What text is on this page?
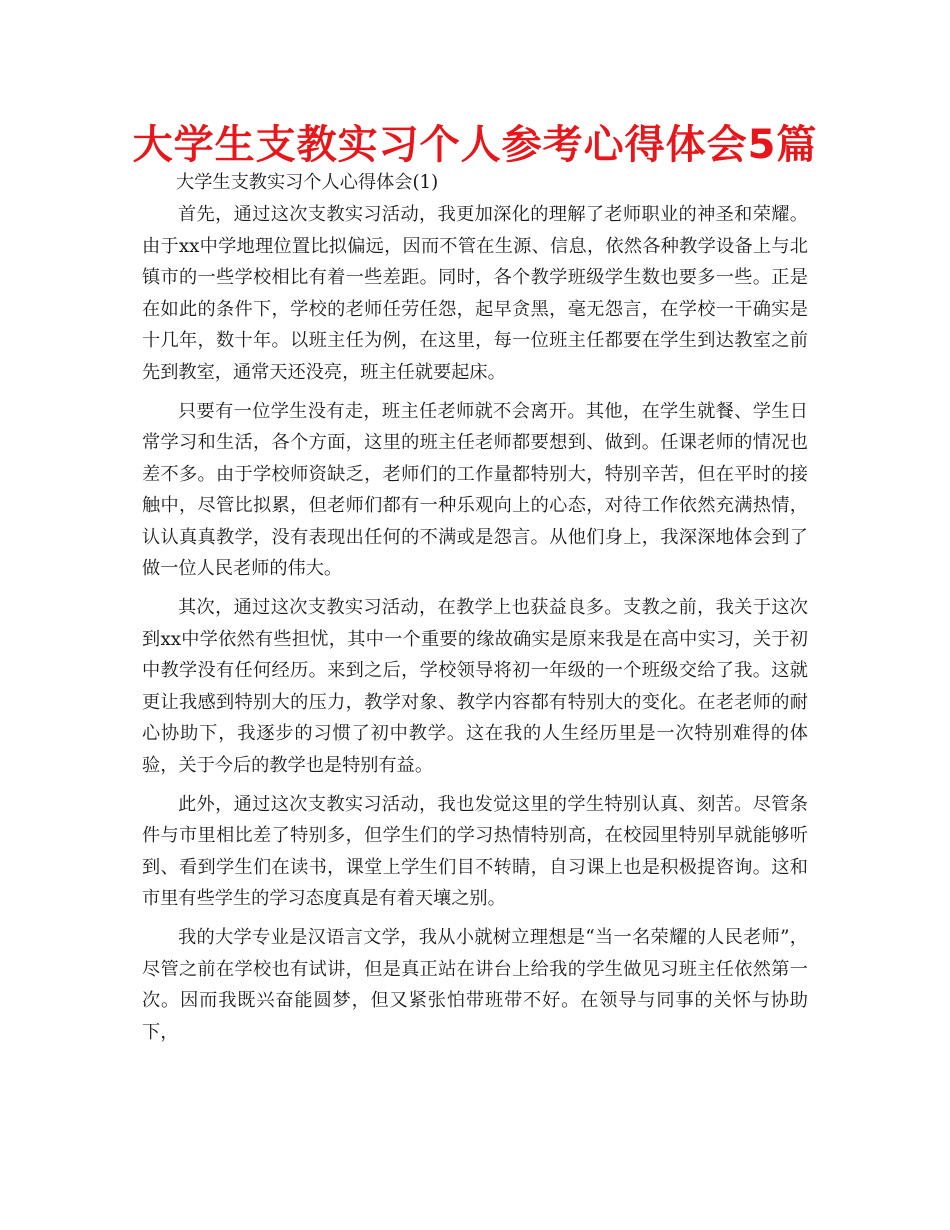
大学生支教实习个人参考心得体会5篇

大学生支教实习个人心得体会(1)

首先，通过这次支教实习活动，我更加深化的理解了老师职业的神圣和荣耀。由于xx中学地理位置比拟偏远，因而不管在生源、信息，依然各种教学设备上与北镇市的一些学校相比有着一些差距。同时，各个教学班级学生数也要多一些。正是在如此的条件下，学校的老师任劳任怨，起早贪黑，毫无怨言，在学校一干确实是十几年，数十年。以班主任为例，在这里，每一位班主任都要在学生到达教室之前先到教室，通常天还没亮，班主任就要起床。

只要有一位学生没有走，班主任老师就不会离开。其他，在学生就餐、学生日常学习和生活，各个方面，这里的班主任老师都要想到、做到。任课老师的情况也差不多。由于学校师资缺乏，老师们的工作量都特别大，特别辛苦，但在平时的接触中，尽管比拟累，但老师们都有一种乐观向上的心态，对待工作依然充满热情，认认真真教学，没有表现出任何的不满或是怨言。从他们身上，我深深地体会到了做一位人民老师的伟大。

其次，通过这次支教实习活动，在教学上也获益良多。支教之前，我关于这次到xx中学依然有些担忧，其中一个重要的缘故确实是原来我是在高中实习，关于初中教学没有任何经历。来到之后，学校领导将初一年级的一个班级交给了我。这就更让我感到特别大的压力，教学对象、教学内容都有特别大的变化。在老老师的耐心协助下，我逐步的习惯了初中教学。这在我的人生经历里是一次特别难得的体验，关于今后的教学也是特别有益。

此外，通过这次支教实习活动，我也发觉这里的学生特别认真、刻苦。尽管条件与市里相比差了特别多，但学生们的学习热情特别高，在校园里特别早就能够听到、看到学生们在读书，课堂上学生们目不转睛，自习课上也是积极提咨询。这和市里有些学生的学习态度真是有着天壤之别。

我的大学专业是汉语言文学，我从小就树立理想是“当一名荣耀的人民老师”，尽管之前在学校也有试讲，但是真正站在讲台上给我的学生做见习班主任依然第一次。因而我既兴奋能圆梦，但又紧张怕带班带不好。在领导与同事的关怀与协助下，
